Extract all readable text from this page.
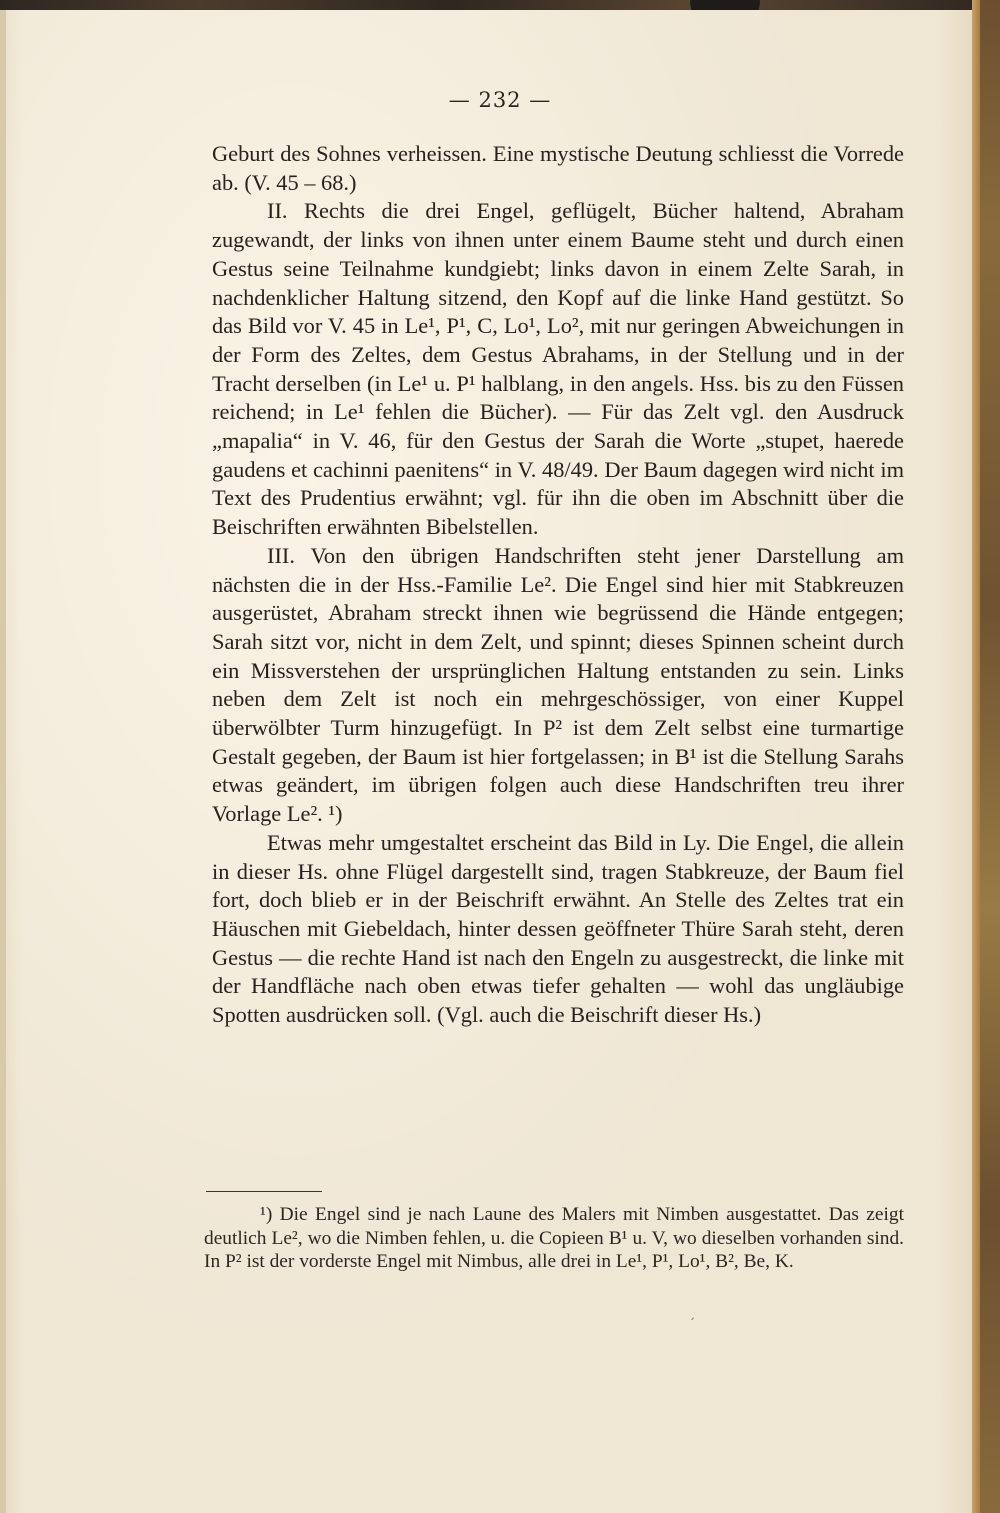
— 232 —

Geburt des Sohnes verheissen. Eine mystische Deutung schliesst die Vorrede ab. (V. 45 – 68.)

II. Rechts die drei Engel, geflügelt, Bücher haltend, Abraham zugewandt, der links von ihnen unter einem Baume steht und durch einen Gestus seine Teilnahme kundgiebt; links davon in einem Zelte Sarah, in nachdenklicher Haltung sitzend, den Kopf auf die linke Hand gestützt. So das Bild vor V. 45 in Le¹, P¹, C, Lo¹, Lo², mit nur geringen Abweichungen in der Form des Zeltes, dem Gestus Abrahams, in der Stellung und in der Tracht derselben (in Le¹ u. P¹ halblang, in den angels. Hss. bis zu den Füssen reichend; in Le¹ fehlen die Bücher). — Für das Zelt vgl. den Ausdruck „mapalia“ in V. 46, für den Gestus der Sarah die Worte „stupet, haerede gaudens et cachinni paenitens“ in V. 48/49. Der Baum dagegen wird nicht im Text des Prudentius erwähnt; vgl. für ihn die oben im Abschnitt über die Beischriften erwähnten Bibelstellen.

III. Von den übrigen Handschriften steht jener Darstellung am nächsten die in der Hss.-Familie Le². Die Engel sind hier mit Stabkreuzen ausgerüstet, Abraham streckt ihnen wie begrüssend die Hände entgegen; Sarah sitzt vor, nicht in dem Zelt, und spinnt; dieses Spinnen scheint durch ein Missverstehen der ursprünglichen Haltung entstanden zu sein. Links neben dem Zelt ist noch ein mehrgeschössiger, von einer Kuppel überwölbter Turm hinzugefügt. In P² ist dem Zelt selbst eine turmartige Gestalt gegeben, der Baum ist hier fortgelassen; in B¹ ist die Stellung Sarahs etwas geändert, im übrigen folgen auch diese Handschriften treu ihrer Vorlage Le². ¹)

Etwas mehr umgestaltet erscheint das Bild in Ly. Die Engel, die allein in dieser Hs. ohne Flügel dargestellt sind, tragen Stabkreuze, der Baum fiel fort, doch blieb er in der Beischrift erwähnt. An Stelle des Zeltes trat ein Häuschen mit Giebeldach, hinter dessen geöffneter Thüre Sarah steht, deren Gestus — die rechte Hand ist nach den Engeln zu ausgestreckt, die linke mit der Handfläche nach oben etwas tiefer gehalten — wohl das ungläubige Spotten ausdrücken soll. (Vgl. auch die Beischrift dieser Hs.)

¹) Die Engel sind je nach Laune des Malers mit Nimben ausgestattet. Das zeigt deutlich Le², wo die Nimben fehlen, u. die Copieen B¹ u. V, wo dieselben vorhanden sind. In P² ist der vorderste Engel mit Nimbus, alle drei in Le¹, P¹, Lo¹, B², Be, K.

ˏ
